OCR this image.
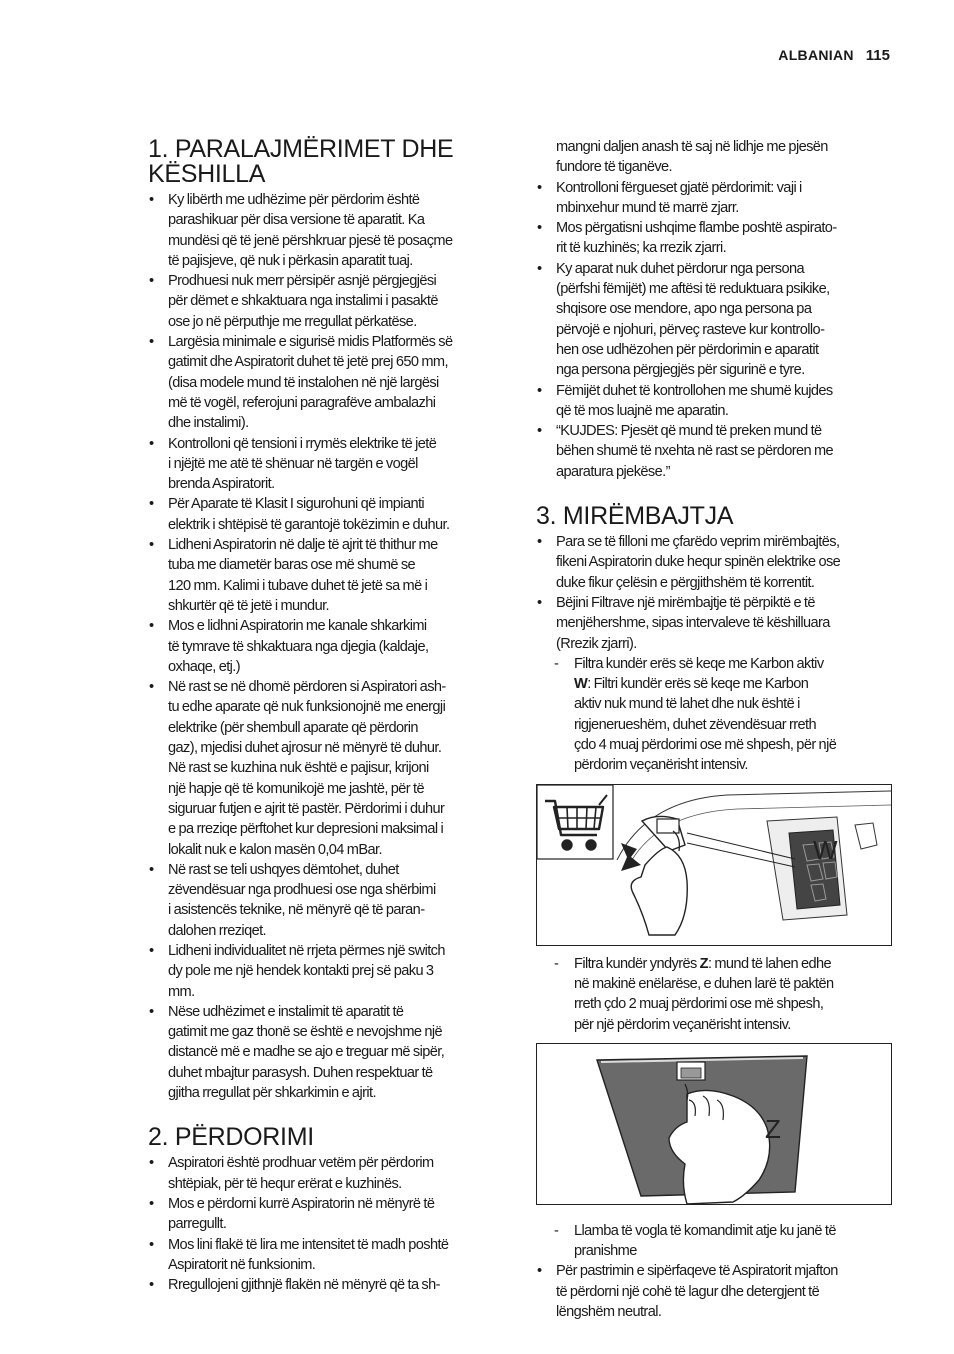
ALBANIAN 115
1. PARALAJMËRIMET DHE
KËSHILLA
• Ky libërth me udhëzime për përdorim është
parashikuar për disa versione të aparatit. Ka
mundësi që të jenë përshkruar pjesë të posaçme
të pajisjeve, që nuk i përkasin aparatit tuaj.
• Prodhuesi nuk merr përsipër asnjë përgjegjësi
për dëmet e shkaktuara nga instalimi i pasaktë
ose jo në përputhje me rregullat përkatëse.
• Largësia minimale e sigurisë midis Platformës së
gatimit dhe Aspiratorit duhet të jetë prej 650 mm,
(disa modele mund të instalohen në një largësi
më të vogël, referojuni paragrafëve ambalazhi
dhe instalimi).
• Kontrolloni që tensioni i rrymës elektrike të jetë
i njëjtë me atë të shënuar në targën e vogël
brenda Aspiratorit.
• Për Aparate të Klasit I sigurohuni që impianti
elektrik i shtëpisë të garantojë tokëzimin e duhur.
• Lidheni Aspiratorin në dalje të ajrit të thithur me
tuba me diametër baras ose më shumë se
120 mm. Kalimi i tubave duhet të jetë sa më i
shkurtër që të jetë i mundur.
• Mos e lidhni Aspiratorin me kanale shkarkimi
të tymrave të shkaktuara nga djegia (kaldaje,
oxhaqe, etj.)
• Në rast se në dhomë përdoren si Aspiratori ash-
tu edhe aparate që nuk funksionojnë me energji
elektrike (për shembull aparate që përdorin
gaz), mjedisi duhet ajrosur në mënyrë të duhur.
Në rast se kuzhina nuk është e pajisur, krijoni
një hapje që të komunikojë me jashtë, për të
siguruar futjen e ajrit të pastër. Përdorimi i duhur
e pa rreziqe përftohet kur depresioni maksimal i
lokalit nuk e kalon masën 0,04 mBar.
• Në rast se teli ushqyes dëmtohet, duhet
zëvendësuar nga prodhuesi ose nga shërbimi
i asistencës teknike, në mënyrë që të paran-
dalohen rreziqet.
• Lidheni individualitet në rrjeta përmes një switch
dy pole me një hendek kontakti prej së paku 3
mm.
• Nëse udhëzimet e instalimit të aparatit të
gatimit me gaz thonë se është e nevojshme një
distancë më e madhe se ajo e treguar më sipër,
duhet mbajtur parasysh. Duhen respektuar të
gjitha rregullat për shkarkimin e ajrit.
2. PËRDORIMI
• Aspiratori është prodhuar vetëm për përdorim
shtëpiak, për të hequr erërat e kuzhinës.
• Mos e përdorni kurrë Aspiratorin në mënyrë të
parregullt.
• Mos lini flakë të lira me intensitet të madh poshtë
Aspiratorit në funksionim.
• Rregullojeni gjithnjë flakën në mënyrë që ta sh-
mangni daljen anash të saj në lidhje me pjesën
fundore të tiganëve.
• Kontrolloni fërgueset gjatë përdorimit: vaji i
mbinxehur mund të marrë zjarr.
• Mos përgatisni ushqime flambe poshtë aspirato-
rit të kuzhinës; ka rrezik zjarri.
• Ky aparat nuk duhet përdorur nga persona
(përfshi fëmijët) me aftësi të reduktuara psikike,
shqisore ose mendore, apo nga persona pa
përvojë e njohuri, përveç rasteve kur kontrollo-
hen ose udhëzohen për përdorimin e aparatit
nga persona përgjegjës për sigurinë e tyre.
• Fëmijët duhet të kontrollohen me shumë kujdes
që të mos luajnë me aparatin.
• “KUJDES: Pjesët që mund të preken mund të
bëhen shumë të nxehta në rast se përdoren me
aparatura pjekëse.”
3. MIRËMBAJTJA
• Para se të filloni me çfarëdo veprim mirëmbajtës,
fikeni Aspiratorin duke hequr spinën elektrike ose
duke fikur çelësin e përgjithshëm të korrentit.
• Bëjini Filtrave një mirëmbajtje të përpiktë e të
menjëhershme, sipas intervaleve të këshilluara
(Rrezik zjarri).
- Filtra kundër erës së keqe me Karbon aktiv
W: Filtri kundër erës së keqe me Karbon
aktiv nuk mund të lahet dhe nuk është i
rigjenerueshëm, duhet zëvendësuar rreth
çdo 4 muaj përdorimi ose më shpesh, për një
përdorim veçanërisht intensiv.
W
- Filtra kundër yndyrës Z: mund të lahen edhe
në makinë enëlarëse, e duhen larë të paktën
rreth çdo 2 muaj përdorimi ose më shpesh,
për një përdorim veçanërisht intensiv.
Z
- Llamba të vogla të komandimit atje ku janë të
pranishme
• Për pastrimin e sipërfaqeve të Aspiratorit mjafton
të përdorni një cohë të lagur dhe detergjent të
lëngshëm neutral.
